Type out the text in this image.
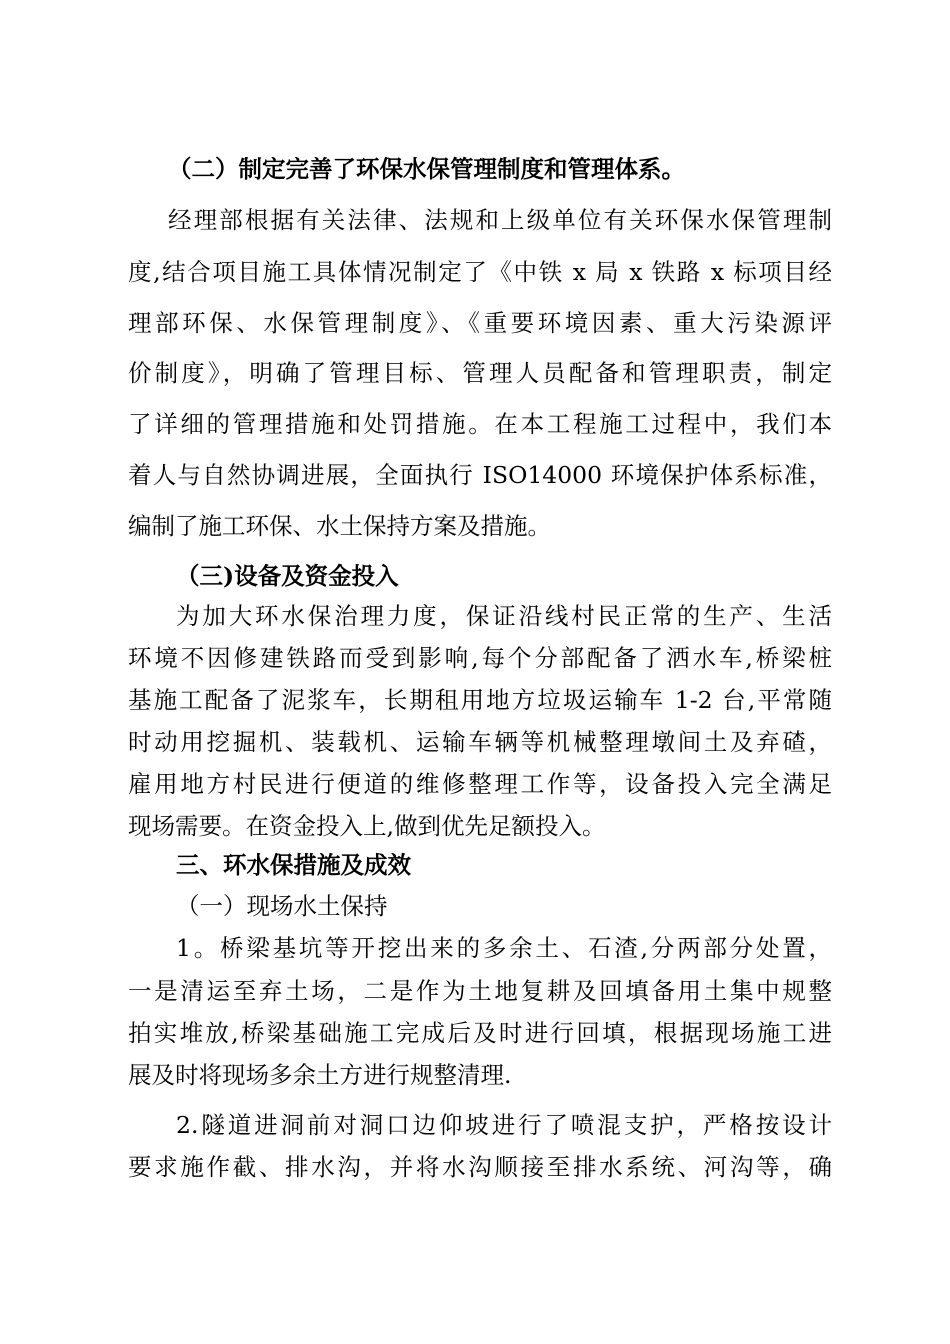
（二）制定完善了环保水保管理制度和管理体系。
经理部根据有关法律、法规和上级单位有关环保水保管理制
度,结合项目施工具体情况制定了《中铁 x 局 x 铁路 x 标项目经
理部环保、水保管理制度》、《重要环境因素、重大污染源评
价制度》，明确了管理目标、管理人员配备和管理职责，制定
了详细的管理措施和处罚措施。在本工程施工过程中，我们本
着人与自然协调进展，全面执行 ISO14000 环境保护体系标准，
编制了施工环保、水土保持方案及措施。
（三)设备及资金投入
为加大环水保治理力度，保证沿线村民正常的生产、生活
环境不因修建铁路而受到影响,每个分部配备了洒水车,桥梁桩
基施工配备了泥浆车，长期租用地方垃圾运输车 1-2 台,平常随
时动用挖掘机、装载机、运输车辆等机械整理墩间土及弃碴，
雇用地方村民进行便道的维修整理工作等，设备投入完全满足
现场需要。在资金投入上,做到优先足额投入。
三、环水保措施及成效
（一）现场水土保持
1。桥梁基坑等开挖出来的多余土、石渣,分两部分处置，
一是清运至弃土场，二是作为土地复耕及回填备用土集中规整
拍实堆放,桥梁基础施工完成后及时进行回填，根据现场施工进
展及时将现场多余土方进行规整清理.
2.隧道进洞前对洞口边仰坡进行了喷混支护，严格按设计
要求施作截、排水沟，并将水沟顺接至排水系统、河沟等，确
